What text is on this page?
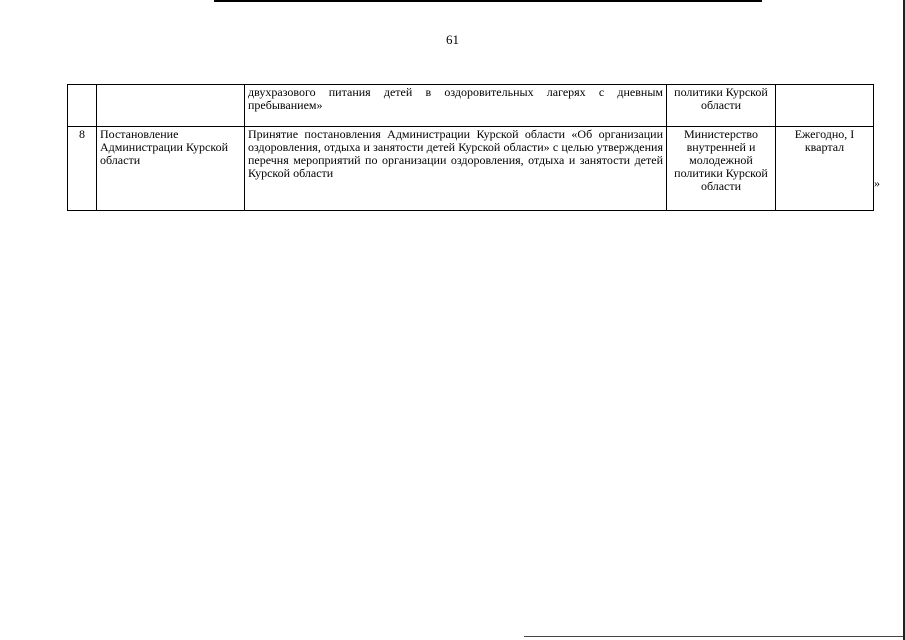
61
		двухразового питания детей в оздоровительных лагерях с дневным пребыванием»	политики Курской области	
8	Постановление Администрации Курской области	Принятие постановления Администрации Курской области «Об организации оздоровления, отдыха и занятости детей Курской области» с целью утверждения перечня мероприятий по организации оздоровления, отдыха и занятости детей Курской области	Министерство внутренней и молодежной политики Курской области	Ежегодно, I квартал
»
